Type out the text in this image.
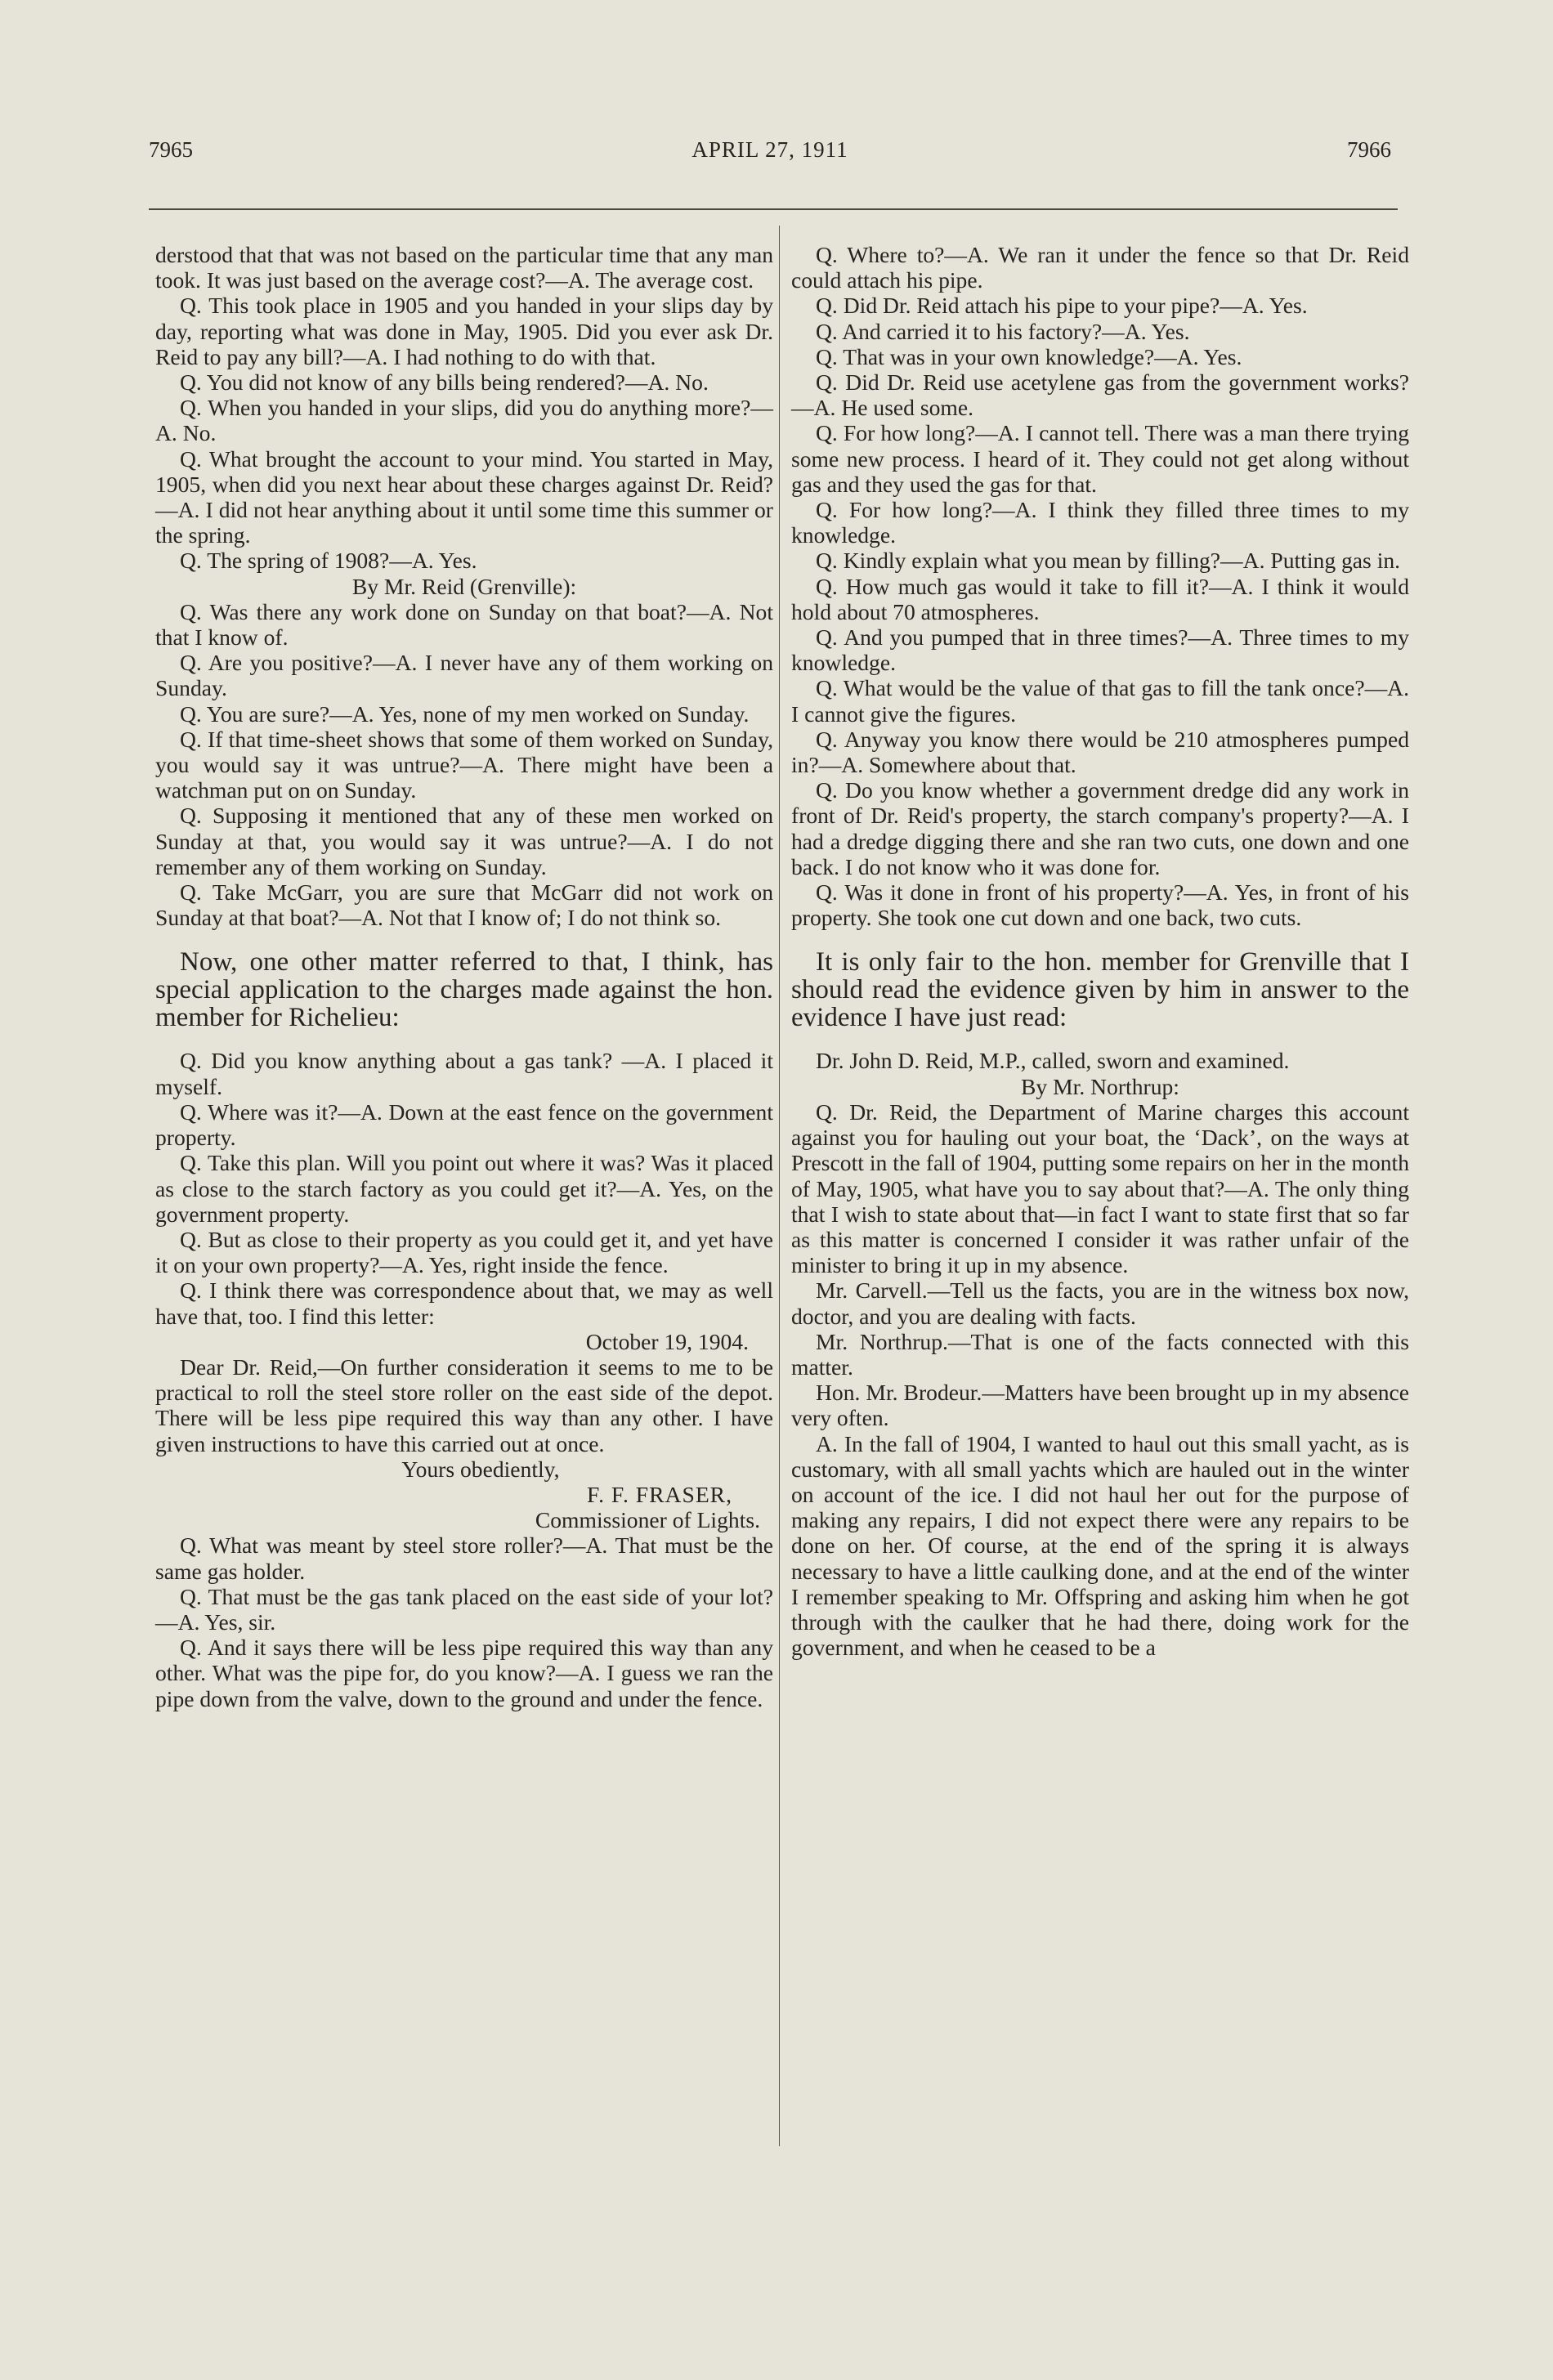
7965	APRIL 27, 1911	7966

derstood that that was not based on the particular time that any man took. It was just based on the average cost?—A. The average cost.

Q. This took place in 1905 and you handed in your slips day by day, reporting what was done in May, 1905. Did you ever ask Dr. Reid to pay any bill?—A. I had nothing to do with that.

Q. You did not know of any bills being rendered?—A. No.

Q. When you handed in your slips, did you do anything more?—A. No.

Q. What brought the account to your mind. You started in May, 1905, when did you next hear about these charges against Dr. Reid?—A. I did not hear anything about it until some time this summer or the spring.

Q. The spring of 1908?—A. Yes.

By Mr. Reid (Grenville):

Q. Was there any work done on Sunday on that boat?—A. Not that I know of.

Q. Are you positive?—A. I never have any of them working on Sunday.

Q. You are sure?—A. Yes, none of my men worked on Sunday.

Q. If that time-sheet shows that some of them worked on Sunday, you would say it was untrue?—A. There might have been a watchman put on on Sunday.

Q. Supposing it mentioned that any of these men worked on Sunday at that, you would say it was untrue?—A. I do not remember any of them working on Sunday.

Q. Take McGarr, you are sure that McGarr did not work on Sunday at that boat?—A. Not that I know of; I do not think so.

Now, one other matter referred to that, I think, has special application to the charges made against the hon. member for Richelieu:

Q. Did you know anything about a gas tank? —A. I placed it myself.

Q. Where was it?—A. Down at the east fence on the government property.

Q. Take this plan. Will you point out where it was? Was it placed as close to the starch factory as you could get it?—A. Yes, on the government property.

Q. But as close to their property as you could get it, and yet have it on your own property?—A. Yes, right inside the fence.

Q. I think there was correspondence about that, we may as well have that, too. I find this letter:

October 19, 1904.

Dear Dr. Reid,—On further consideration it seems to me to be practical to roll the steel store roller on the east side of the depot. There will be less pipe required this way than any other. I have given instructions to have this carried out at once.

Yours obediently,

F. F. FRASER,

Commissioner of Lights.

Q. What was meant by steel store roller?—A. That must be the same gas holder.

Q. That must be the gas tank placed on the east side of your lot?—A. Yes, sir.

Q. And it says there will be less pipe required this way than any other. What was the pipe for, do you know?—A. I guess we ran the pipe down from the valve, down to the ground and under the fence.

Q. Where to?—A. We ran it under the fence so that Dr. Reid could attach his pipe.

Q. Did Dr. Reid attach his pipe to your pipe?—A. Yes.

Q. And carried it to his factory?—A. Yes.

Q. That was in your own knowledge?—A. Yes.

Q. Did Dr. Reid use acetylene gas from the government works?—A. He used some.

Q. For how long?—A. I cannot tell. There was a man there trying some new process. I heard of it. They could not get along without gas and they used the gas for that.

Q. For how long?—A. I think they filled three times to my knowledge.

Q. Kindly explain what you mean by filling?—A. Putting gas in.

Q. How much gas would it take to fill it?—A. I think it would hold about 70 atmospheres.

Q. And you pumped that in three times?—A. Three times to my knowledge.

Q. What would be the value of that gas to fill the tank once?—A. I cannot give the figures.

Q. Anyway you know there would be 210 atmospheres pumped in?—A. Somewhere about that.

Q. Do you know whether a government dredge did any work in front of Dr. Reid's property, the starch company's property?—A. I had a dredge digging there and she ran two cuts, one down and one back. I do not know who it was done for.

Q. Was it done in front of his property?—A. Yes, in front of his property. She took one cut down and one back, two cuts.

It is only fair to the hon. member for Grenville that I should read the evidence given by him in answer to the evidence I have just read:

Dr. John D. Reid, M.P., called, sworn and examined.

By Mr. Northrup:

Q. Dr. Reid, the Department of Marine charges this account against you for hauling out your boat, the ‘Dack’, on the ways at Prescott in the fall of 1904, putting some repairs on her in the month of May, 1905, what have you to say about that?—A. The only thing that I wish to state about that—in fact I want to state first that so far as this matter is concerned I consider it was rather unfair of the minister to bring it up in my absence.

Mr. Carvell.—Tell us the facts, you are in the witness box now, doctor, and you are dealing with facts.

Mr. Northrup.—That is one of the facts connected with this matter.

Hon. Mr. Brodeur.—Matters have been brought up in my absence very often.

A. In the fall of 1904, I wanted to haul out this small yacht, as is customary, with all small yachts which are hauled out in the winter on account of the ice. I did not haul her out for the purpose of making any repairs, I did not expect there were any repairs to be done on her. Of course, at the end of the spring it is always necessary to have a little caulking done, and at the end of the winter I remember speaking to Mr. Offspring and asking him when he got through with the caulker that he had there, doing work for the government, and when he ceased to be a
